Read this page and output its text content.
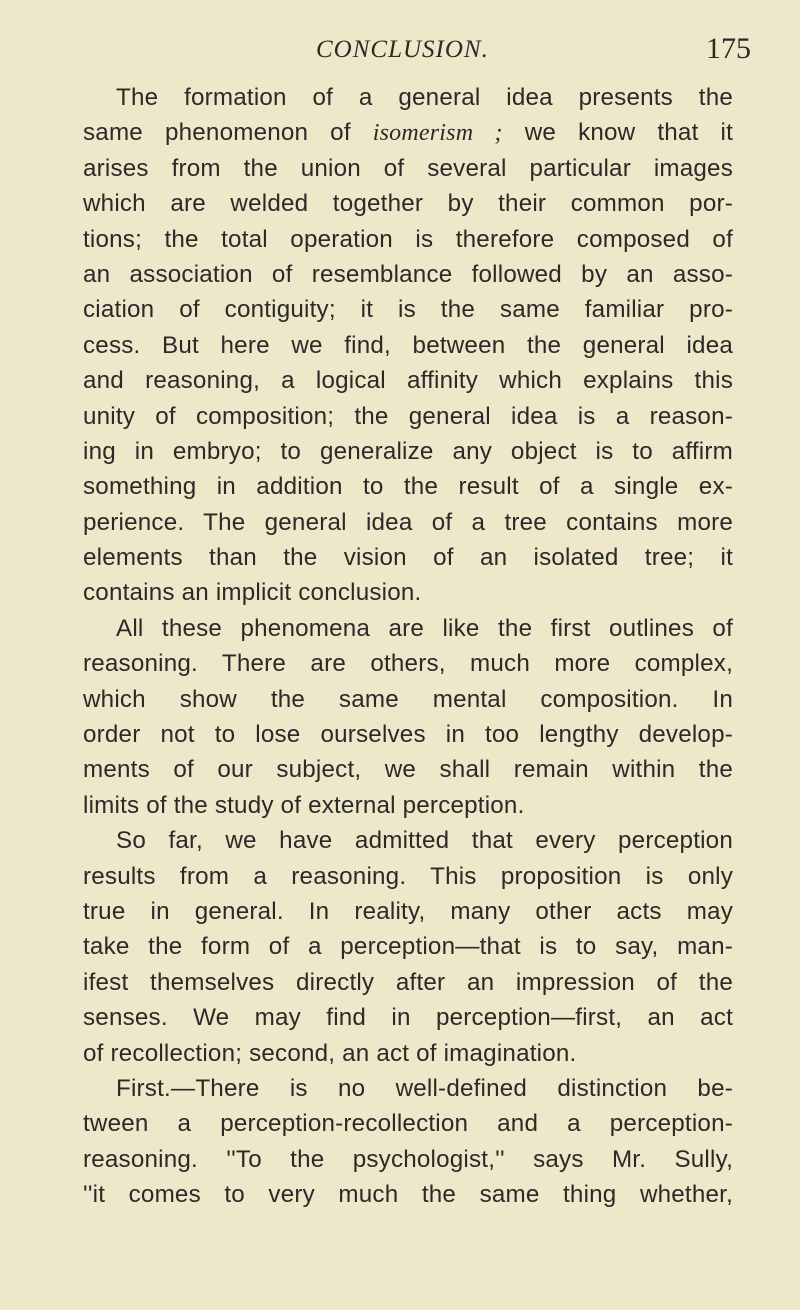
CONCLUSION.	175
The formation of a general idea presents the
same phenomenon of isomerism ; we know that it
arises from the union of several particular images
which are welded together by their common por-
tions; the total operation is therefore composed of
an association of resemblance followed by an asso-
ciation of contiguity; it is the same familiar pro-
cess. But here we find, between the general idea
and reasoning, a logical affinity which explains this
unity of composition; the general idea is a reason-
ing in embryo; to generalize any object is to affirm
something in addition to the result of a single ex-
perience. The general idea of a tree contains more
elements than the vision of an isolated tree; it
contains an implicit conclusion.
All these phenomena are like the first outlines of
reasoning. There are others, much more complex,
which show the same mental composition. In
order not to lose ourselves in too lengthy develop-
ments of our subject, we shall remain within the
limits of the study of external perception.
So far, we have admitted that every perception
results from a reasoning. This proposition is only
true in general. In reality, many other acts may
take the form of a perception—that is to say, man-
ifest themselves directly after an impression of the
senses. We may find in perception—first, an act
of recollection; second, an act of imagination.
First.—There is no well-defined distinction be-
tween a perception-recollection and a perception-
reasoning. ''To the psychologist,'' says Mr. Sully,
''it comes to very much the same thing whether,
